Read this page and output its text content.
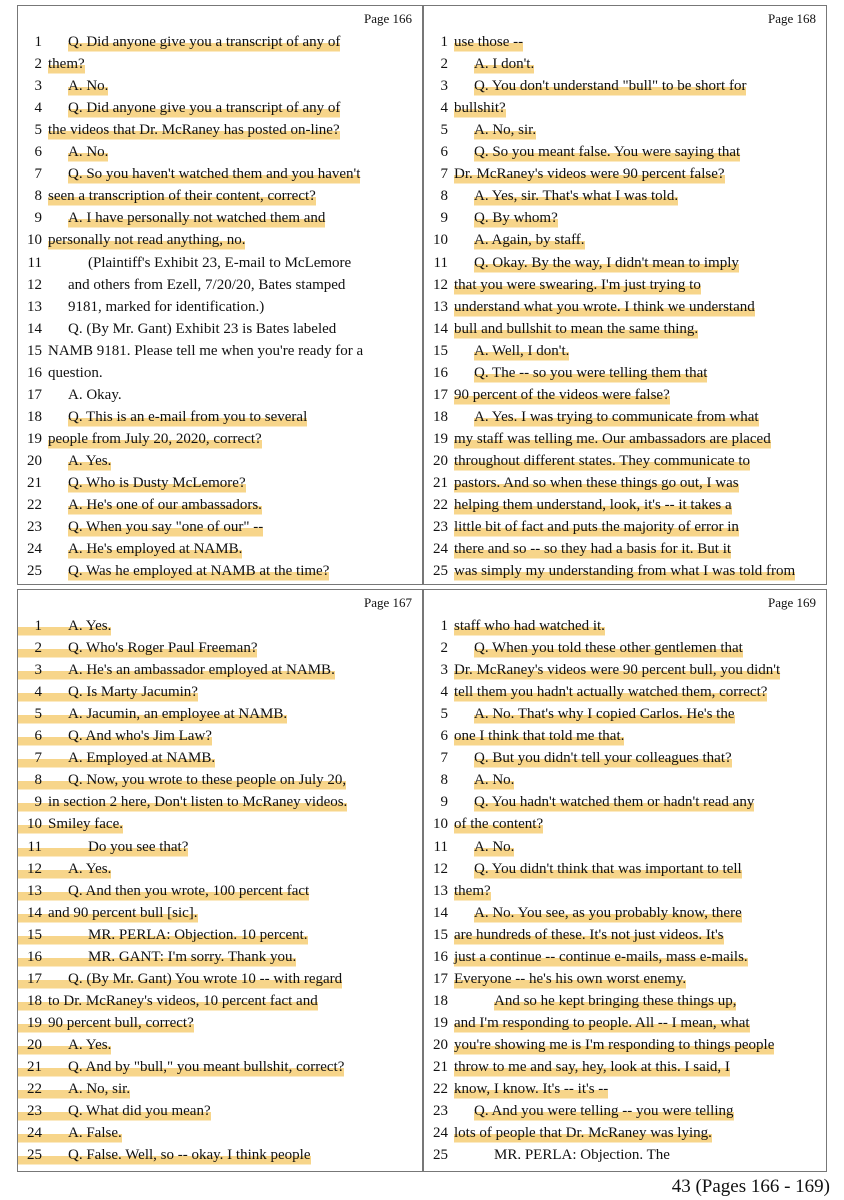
Page 166
1 Q. Did anyone give you a transcript of any of
2 them?
3 A. No.
4 Q. Did anyone give you a transcript of any of
5 the videos that Dr. McRaney has posted on-line?
6 A. No.
7 Q. So you haven't watched them and you haven't
8 seen a transcription of their content, correct?
9 A. I have personally not watched them and
10 personally not read anything, no.
11	(Plaintiff's Exhibit 23, E-mail to McLemore
12 and others from Ezell, 7/20/20, Bates stamped
13 9181, marked for identification.)
14 Q. (By Mr. Gant) Exhibit 23 is Bates labeled
15 NAMB 9181. Please tell me when you're ready for a
16 question.
17 A. Okay.
18 Q. This is an e-mail from you to several
19 people from July 20, 2020, correct?
20 A. Yes.
21 Q. Who is Dusty McLemore?
22 A. He's one of our ambassadors.
23 Q. When you say "one of our" --
24 A. He's employed at NAMB.
25 Q. Was he employed at NAMB at the time?
Page 168
1 use those --
2 A. I don't.
3 Q. You don't understand "bull" to be short for
4 bullshit?
5 A. No, sir.
6 Q. So you meant false. You were saying that
7 Dr. McRaney's videos were 90 percent false?
8 A. Yes, sir. That's what I was told.
9 Q. By whom?
10 A. Again, by staff.
11 Q. Okay. By the way, I didn't mean to imply
12 that you were swearing. I'm just trying to
13 understand what you wrote. I think we understand
14 bull and bullshit to mean the same thing.
15 A. Well, I don't.
16 Q. The -- so you were telling them that
17 90 percent of the videos were false?
18 A. Yes. I was trying to communicate from what
19 my staff was telling me. Our ambassadors are placed
20 throughout different states. They communicate to
21 pastors. And so when these things go out, I was
22 helping them understand, look, it's -- it takes a
23 little bit of fact and puts the majority of error in
24 there and so -- so they had a basis for it. But it
25 was simply my understanding from what I was told from
Page 167
1 A. Yes.
2 Q. Who's Roger Paul Freeman?
3 A. He's an ambassador employed at NAMB.
4 Q. Is Marty Jacumin?
5 A. Jacumin, an employee at NAMB.
6 Q. And who's Jim Law?
7 A. Employed at NAMB.
8 Q. Now, you wrote to these people on July 20,
9 in section 2 here, Don't listen to McRaney videos.
10 Smiley face.
11	Do you see that?
12 A. Yes.
13 Q. And then you wrote, 100 percent fact
14 and 90 percent bull [sic].
15	MR. PERLA: Objection. 10 percent.
16	MR. GANT: I'm sorry. Thank you.
17 Q. (By Mr. Gant) You wrote 10 -- with regard
18 to Dr. McRaney's videos, 10 percent fact and
19 90 percent bull, correct?
20 A. Yes.
21 Q. And by "bull," you meant bullshit, correct?
22 A. No, sir.
23 Q. What did you mean?
24 A. False.
25 Q. False. Well, so -- okay. I think people
Page 169
1 staff who had watched it.
2 Q. When you told these other gentlemen that
3 Dr. McRaney's videos were 90 percent bull, you didn't
4 tell them you hadn't actually watched them, correct?
5 A. No. That's why I copied Carlos. He's the
6 one I think that told me that.
7 Q. But you didn't tell your colleagues that?
8 A. No.
9 Q. You hadn't watched them or hadn't read any
10 of the content?
11 A. No.
12 Q. You didn't think that was important to tell
13 them?
14 A. No. You see, as you probably know, there
15 are hundreds of these. It's not just videos. It's
16 just a continue -- continue e-mails, mass e-mails.
17 Everyone -- he's his own worst enemy.
18	And so he kept bringing these things up,
19 and I'm responding to people. All -- I mean, what
20 you're showing me is I'm responding to things people
21 throw to me and say, hey, look at this. I said, I
22 know, I know. It's -- it's --
23 Q. And you were telling -- you were telling
24 lots of people that Dr. McRaney was lying.
25	MR. PERLA: Objection. The
43 (Pages 166 - 169)
